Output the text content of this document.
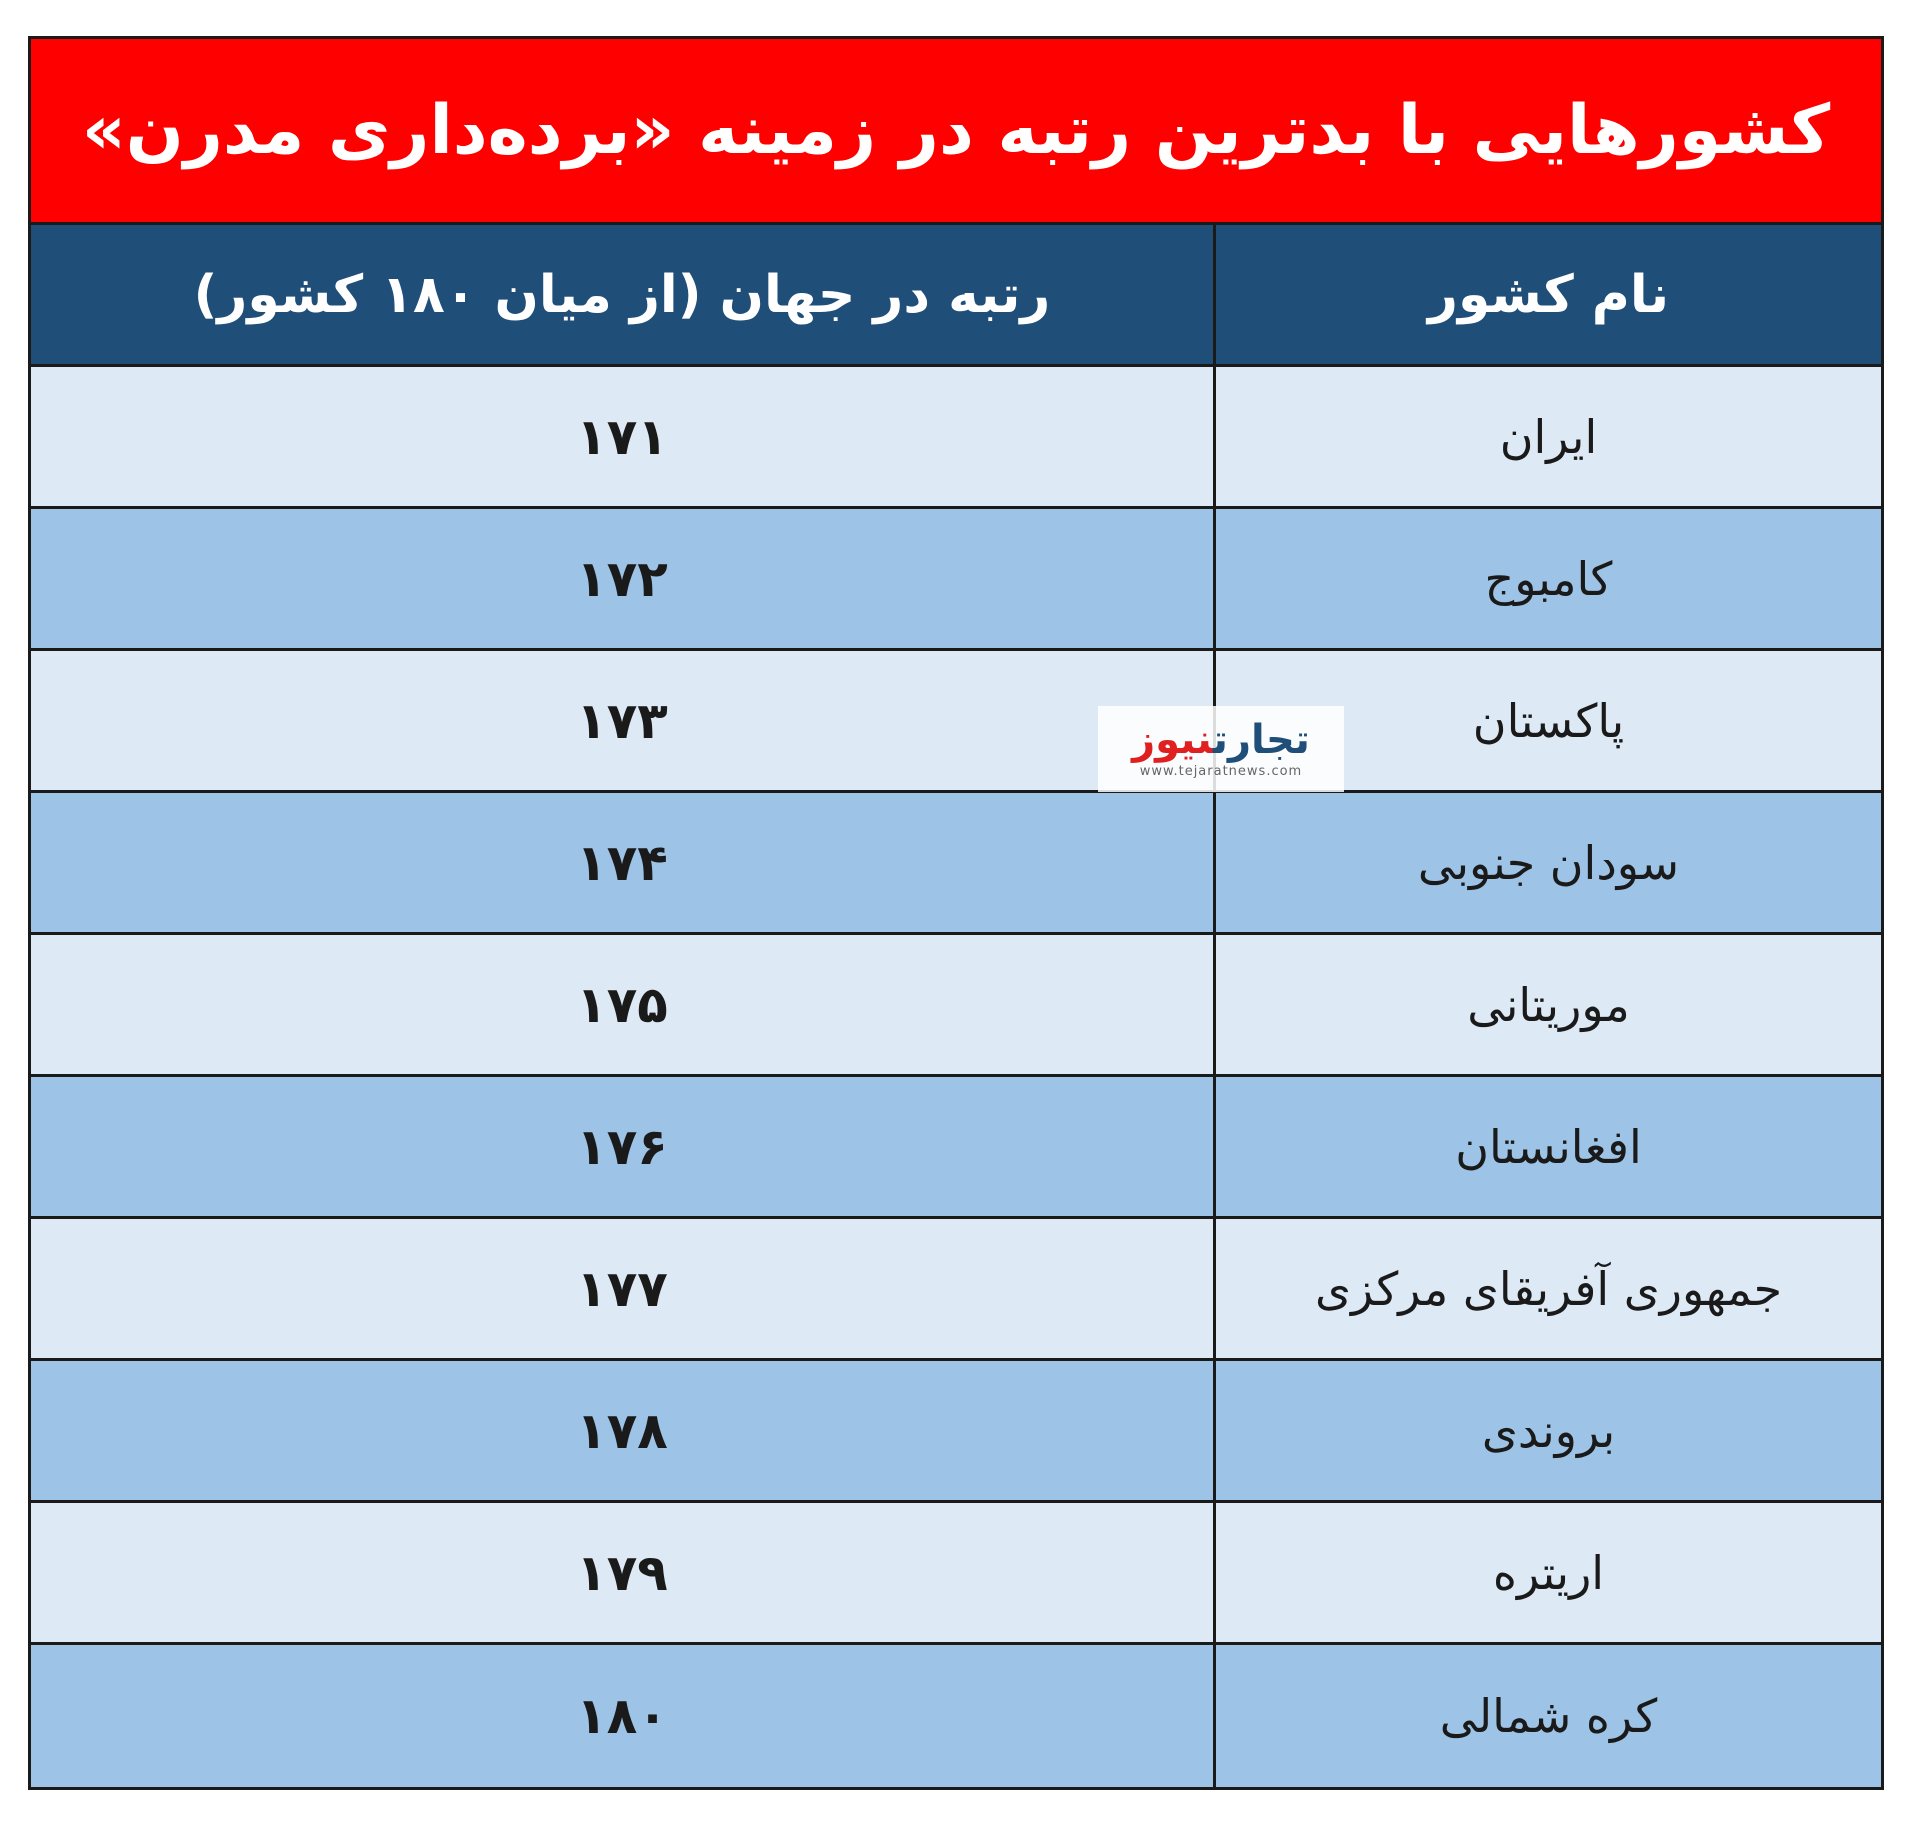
کشورهایی با بدترین رتبه در زمینه «برده‌داری مدرن»
نام کشور
رتبه در جهان (از میان ۱۸۰ کشور)
ایران
۱۷۱
کامبوج
۱۷۲
پاکستان
۱۷۳
سودان جنوبی
۱۷۴
موریتانی
۱۷۵
افغانستان
۱۷۶
جمهوری آفریقای مرکزی
۱۷۷
بروندی
۱۷۸
اریتره
۱۷۹
کره شمالی
۱۸۰
تجارتنیوز
www.tejaratnews.com
